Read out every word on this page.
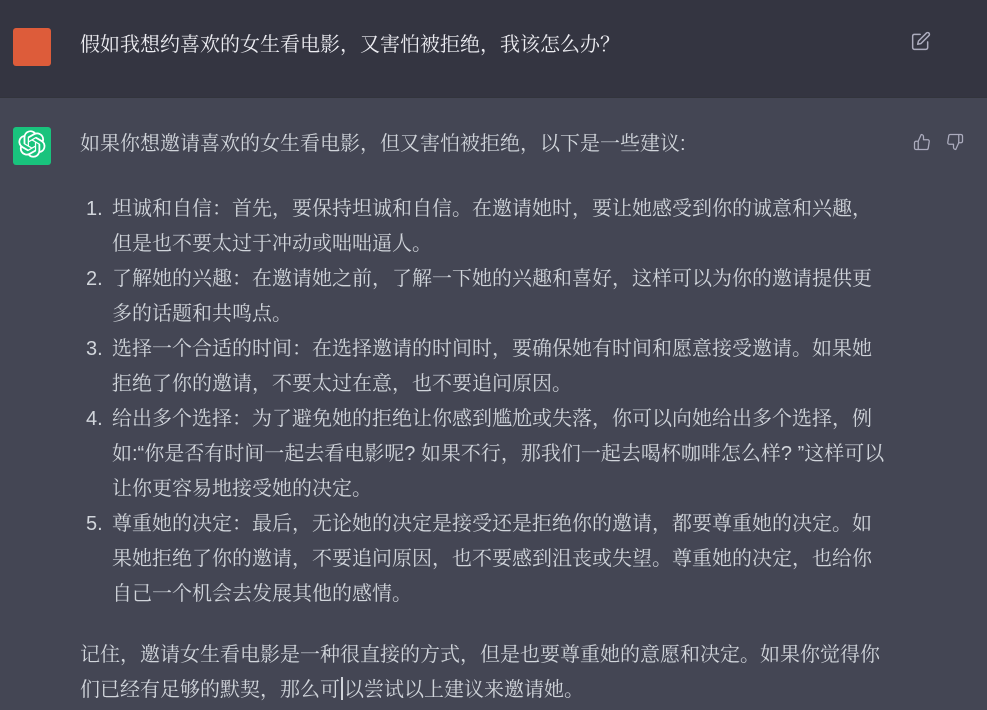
假如我想约喜欢的女生看电影，又害怕被拒绝，我该怎么办？

如果你想邀请喜欢的女生看电影，但又害怕被拒绝，以下是一些建议:

1. 坦诚和自信：首先，要保持坦诚和自信。在邀请她时，要让她感受到你的诚意和兴趣，但是也不要太过于冲动或咄咄逼人。
2. 了解她的兴趣：在邀请她之前，了解一下她的兴趣和喜好，这样可以为你的邀请提供更多的话题和共鸣点。
3. 选择一个合适的时间：在选择邀请的时间时，要确保她有时间和愿意接受邀请。如果她拒绝了你的邀请，不要太过在意，也不要追问原因。
4. 给出多个选择：为了避免她的拒绝让你感到尴尬或失落，你可以向她给出多个选择，例如:“你是否有时间一起去看电影呢? 如果不行，那我们一起去喝杯咖啡怎么样? ”这样可以让你更容易地接受她的决定。
5. 尊重她的决定：最后，无论她的决定是接受还是拒绝你的邀请，都要尊重她的决定。如果她拒绝了你的邀请，不要追问原因，也不要感到沮丧或失望。尊重她的决定，也给你自己一个机会去发展其他的感情。

记住，邀请女生看电影是一种很直接的方式，但是也要尊重她的意愿和决定。如果你觉得你们已经有足够的默契，那么可 以尝试以上建议来邀请她。
